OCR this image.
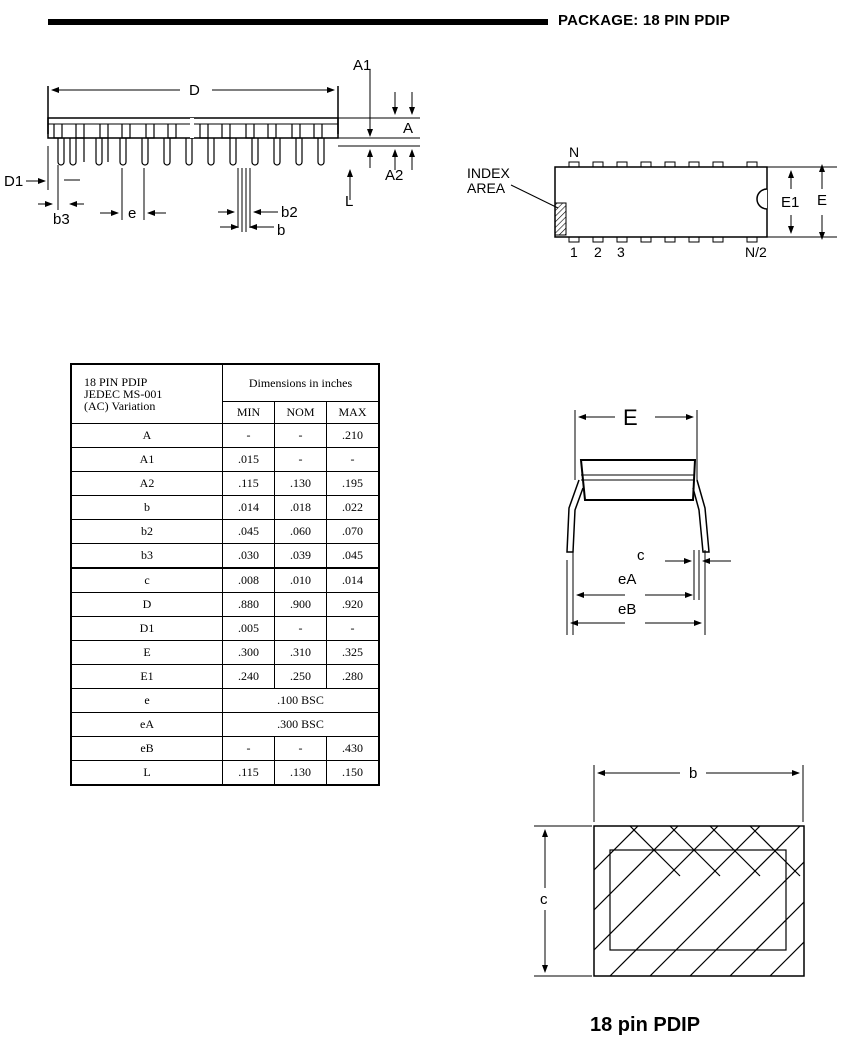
PACKAGE: 18 PIN PDIP
D
A1
A
A2
L
D1
b3	e	b2
b
INDEX
AREA
N
1 2 3	N/2
E1 E
18 PIN PDIP
JEDEC MS-001
(AC) Variation	Dimensions in inches		
	MIN	NOM	MAX
A	-	-	.210
A1	.015	-	-
A2	.115	.130	.195
b	.014	.018	.022
b2	.045	.060	.070
b3	.030	.039	.045
c	.008	.010	.014
D	.880	.900	.920
D1	.005	-	-
E	.300	.310	.325
E1	.240	.250	.280
e	.100 BSC		
eA	.300 BSC		
eB	-	-	.430
L	.115	.130	.150
E
c
eA
eB
b
c
18 pin PDIP
